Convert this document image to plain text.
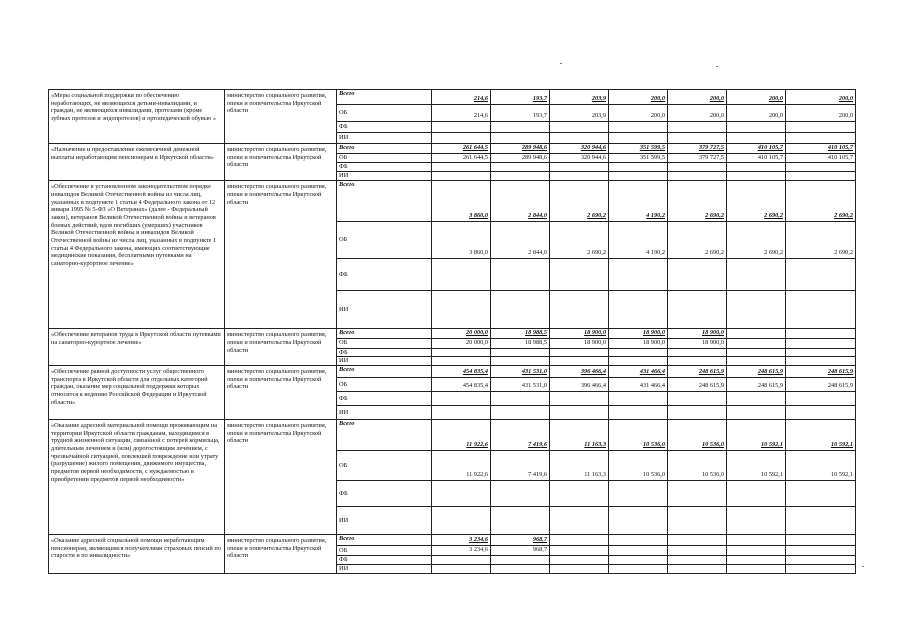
«Меры социальной поддержки по обеспечению неработающих, не являющихся детьми-инвалидами, и граждан, не являющихся инвалидами, протезами (кроме зубных протезов и эндопротезов) и ортопедической обувью »	министерство социального развития, опеки и попечительства Иркутской области	Всего	214,6	193,7	203,9	200,0	200,0	200,0	200,0
		ОБ	214,6	193,7	203,9	200,0	200,0	200,0	200,0
		ФБ							
		ИИ							
«Назначение и предоставление ежемесячной денежной выплаты неработающим пенсионерам в Иркутской области»	министерство социального развития, опеки и попечительства Иркутской области	Всего	261 644,5	289 948,6	320 944,6	351 599,5	379 727,5	410 105,7	410 105,7
		ОБ	261 644,5	289 948,6	320 944,6	351 599,5	379 727,5	410 105,7	410 105,7
		ФБ							
		ИИ							
«Обеспечение в установленном законодательством порядке инвалидов Великой Отечественной войны из числа лиц, указанных в подпункте 1 статьи 4 Федерального закона от 12 января 1995 № 5-ФЗ «О Ветеранах» (далее - Федеральный закон), ветеранов Великой Отечественной войны и ветеранов боевых действий, вдов погибших (умерших) участников Великой Отечественной войны и инвалидов Великой Отечественной войны из числа лиц, указанных в подпункте 1 статьи 4 Федерального закона, имеющих соответствующие медицинские показания, бесплатными путевками на санаторно-курортное лечение»	министерство социального развития, опеки и попечительства Иркутской области	Всего	3 860,0	2 844,0	2 690,2	4 190,2	2 690,2	2 690,2	2 690,2
		ОБ	3 860,0	2 844,0	2 690,2	4 190,2	2 690,2	2 690,2	2 690,2
		ФБ							
		ИИ							
«Обеспечение ветеранов труда в Иркутской области путевками на санаторно-курортное лечение»	министерство социального развития, опеки и попечительства Иркутской области	Всего	20 000,0	18 988,5	18 900,0	18 900,0	18 900,0		
		ОБ	20 000,0	18 988,5	18 900,0	18 900,0	18 900,0		
		ФБ							
		ИИ							
«Обеспечение равной доступности услуг общественного транспорта в Иркутской области для отдельных категорий граждан, оказание мер социальной поддержки которых относится к ведению Российской Федерации и Иркутской области»	министерство социального развития, опеки и попечительства Иркутской области	Всего	454 835,4	431 531,0	396 466,4	431 466,4	248 615,9	248 615,9	248 615,9
		ОБ	454 835,4	431 531,0	396 466,4	431 466,4	248 615,9	248 615,9	248 615,9
		ФБ							
		ИИ							
«Оказание адресной материальной помощи проживающим на территории Иркутской области гражданам, находящимся в трудной жизненной ситуации, связанной с потерей кормильца, длительным лечением и (или) дорогостоящим лечением, с чрезвычайной ситуацией, повлекшей повреждение или утрату (разрушение) жилого помещения, движимого имущества, предметов первой необходимости, с нуждаемостью в приобретении предметов первой необходимости»	министерство социального развития, опеки и попечительства Иркутской области	Всего	11 922,6	7 419,6	11 163,3	10 536,0	10 536,0	10 592,1	10 592,1
		ОБ	11 922,6	7 419,6	11 163,3	10 536,0	10 536,0	10 592,1	10 592,1
		ФБ							
		ИИ							
«Оказание адресной социальной помощи неработающим пенсионерам, являющимся получателями страховых пенсий по старости и по инвалидности»	министерство социального развития, опеки и попечительства Иркутской области	Всего	3 234,6	968,7					
		ОБ	3 234,6	968,7					
		ФБ							
		ИИ							
